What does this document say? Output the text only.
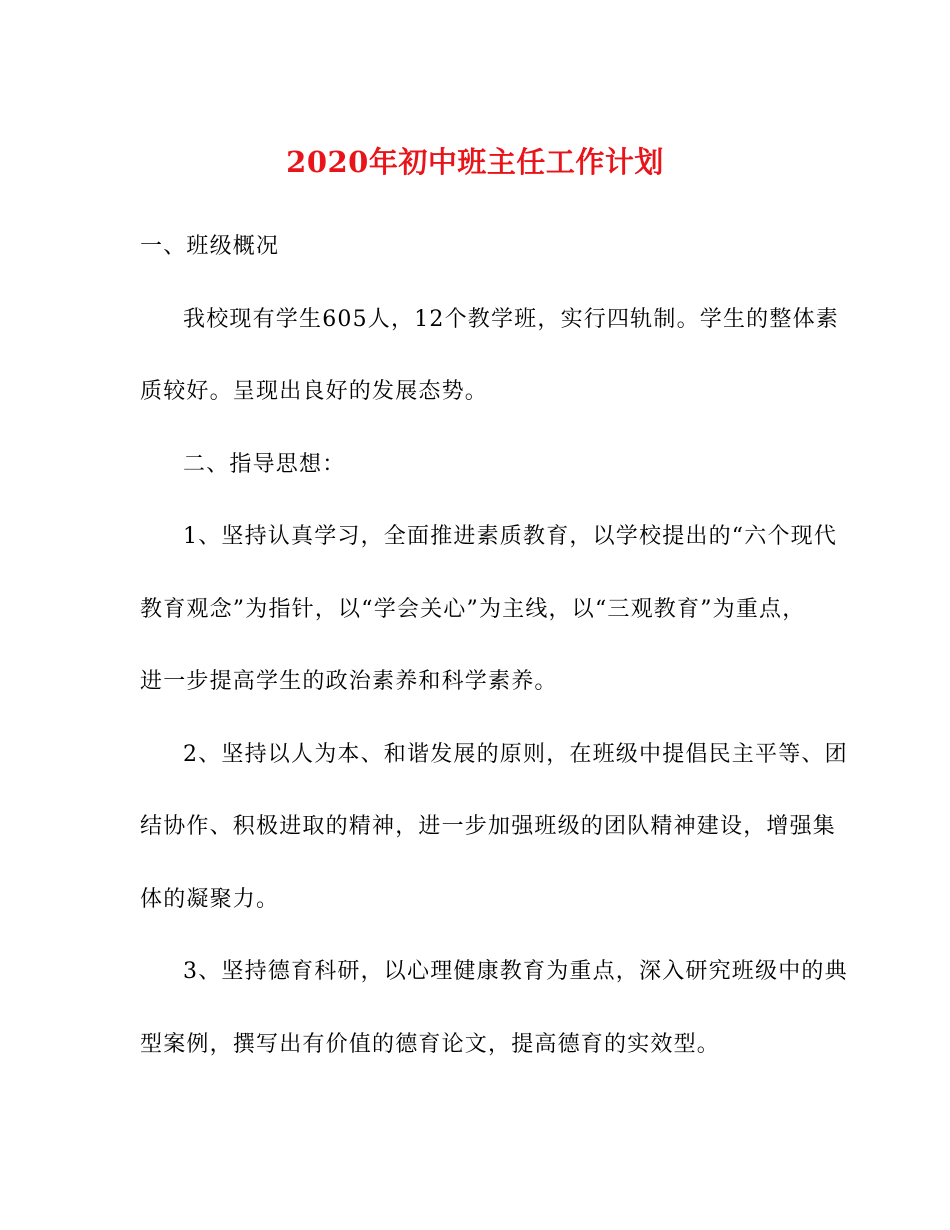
2020年初中班主任工作计划
一、班级概况
我校现有学生605人，12个教学班，实行四轨制。学生的整体素
质较好。呈现出良好的发展态势。
二、指导思想：
1、坚持认真学习，全面推进素质教育，以学校提出的“六个现代
教育观念”为指针，以“学会关心”为主线，以“三观教育”为重点，
进一步提高学生的政治素养和科学素养。
2、坚持以人为本、和谐发展的原则，在班级中提倡民主平等、团
结协作、积极进取的精神，进一步加强班级的团队精神建设，增强集
体的凝聚力。
3、坚持德育科研，以心理健康教育为重点，深入研究班级中的典
型案例，撰写出有价值的德育论文，提高德育的实效型。
